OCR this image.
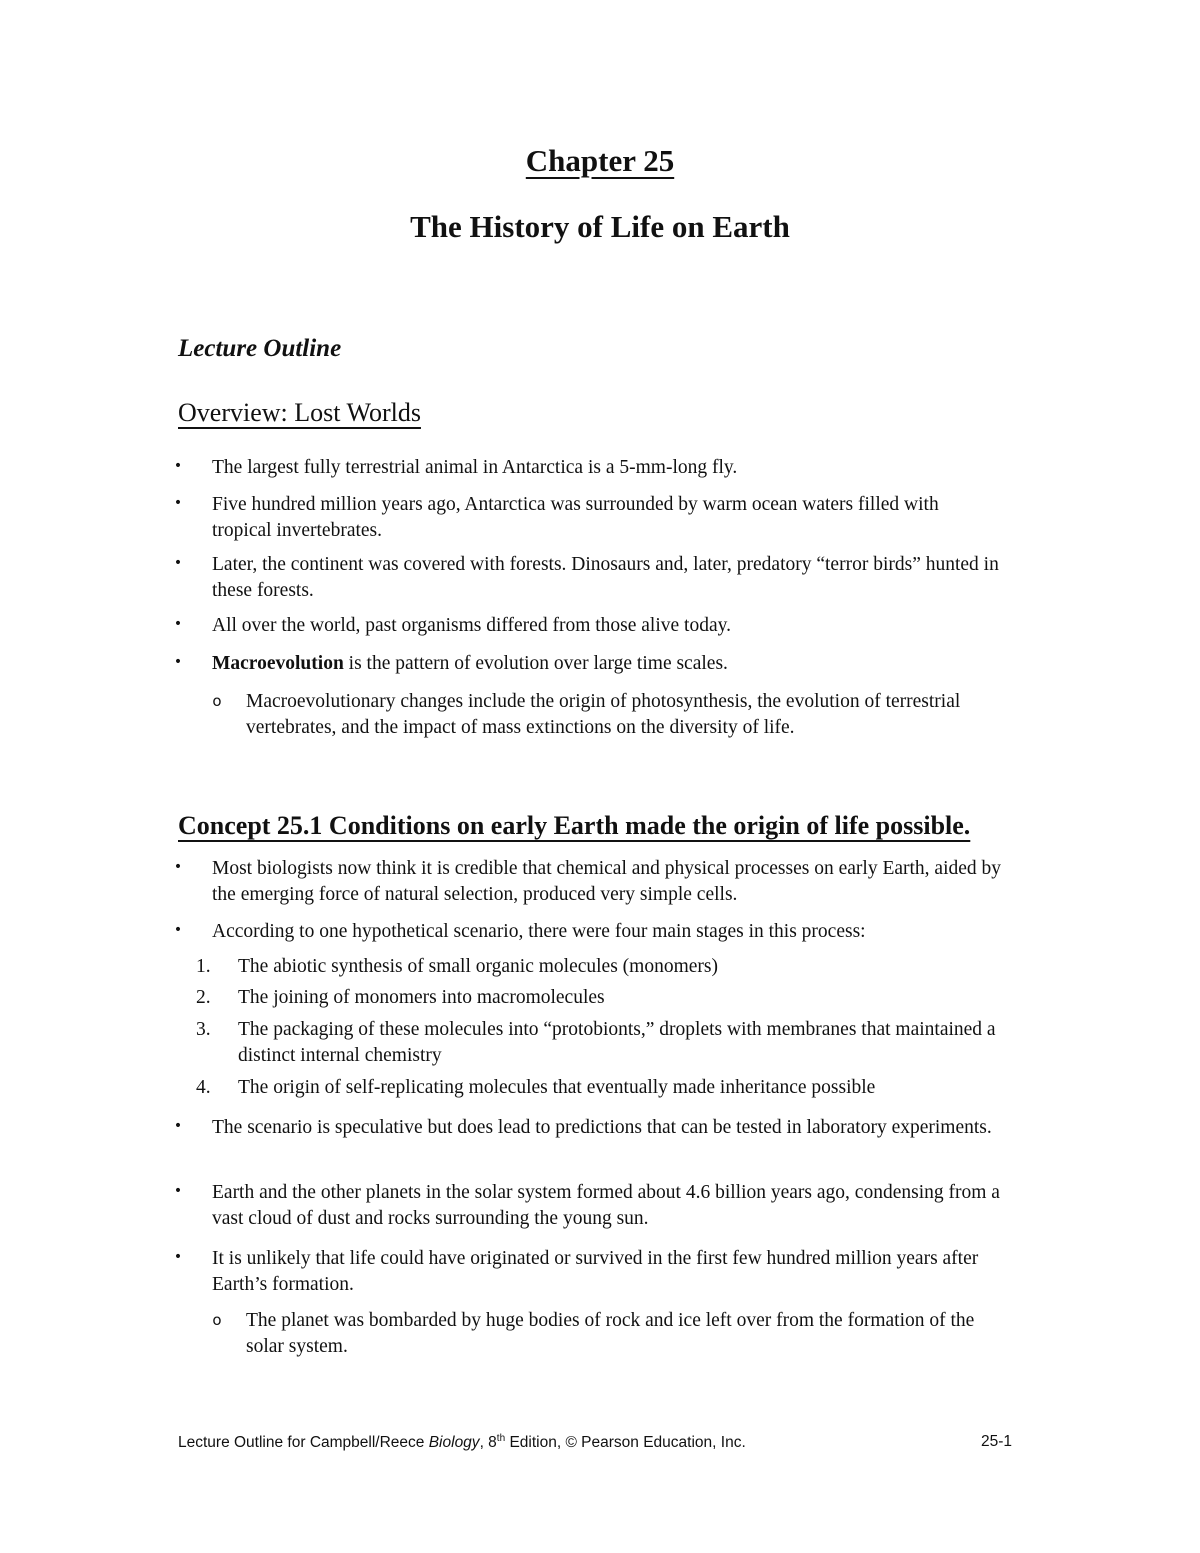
Chapter 25
The History of Life on Earth
Lecture Outline
Overview: Lost Worlds
• The largest fully terrestrial animal in Antarctica is a 5-mm-long fly.
• Five hundred million years ago, Antarctica was surrounded by warm ocean waters filled with tropical invertebrates.
• Later, the continent was covered with forests. Dinosaurs and, later, predatory “terror birds” hunted in these forests.
• All over the world, past organisms differed from those alive today.
• Macroevolution is the pattern of evolution over large time scales.
o Macroevolutionary changes include the origin of photosynthesis, the evolution of terrestrial vertebrates, and the impact of mass extinctions on the diversity of life.
Concept 25.1 Conditions on early Earth made the origin of life possible.
• Most biologists now think it is credible that chemical and physical processes on early Earth, aided by the emerging force of natural selection, produced very simple cells.
• According to one hypothetical scenario, there were four main stages in this process:
1.	The abiotic synthesis of small organic molecules (monomers)
2.	The joining of monomers into macromolecules
3.	The packaging of these molecules into “protobionts,” droplets with membranes that maintained a distinct internal chemistry
4.	The origin of self-replicating molecules that eventually made inheritance possible
• The scenario is speculative but does lead to predictions that can be tested in laboratory experiments.
• Earth and the other planets in the solar system formed about 4.6 billion years ago, condensing from a vast cloud of dust and rocks surrounding the young sun.
• It is unlikely that life could have originated or survived in the first few hundred million years after Earth’s formation.
o The planet was bombarded by huge bodies of rock and ice left over from the formation of the solar system.
Lecture Outline for Campbell/Reece Biology, 8th Edition, © Pearson Education, Inc.	25-1
